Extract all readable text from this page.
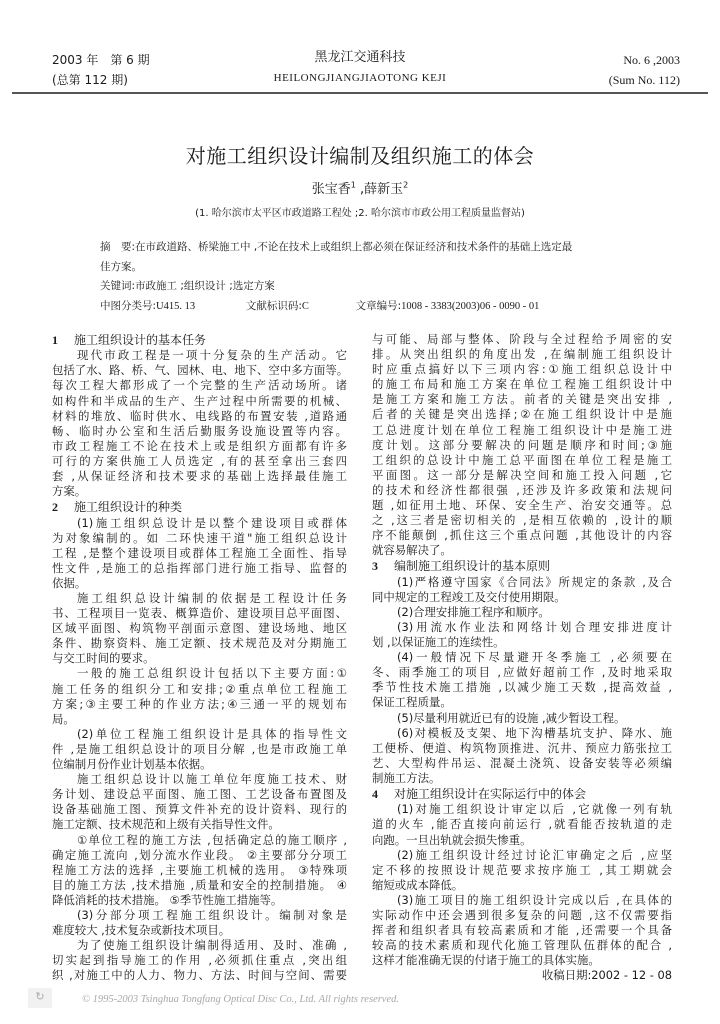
2003 年　第 6 期
(总第 112 期)
黑龙江交通科技
HEILONGJIANGJIAOTONG KEJI
No. 6 ,2003
(Sum No. 112)
对施工组织设计编制及组织施工的体会
张宝香$^1$ ,薛新玉$^2$
(1. 哈尔滨市太平区市政道路工程处 ;2. 哈尔滨市市政公用工程质量监督站)
摘　要:在市政道路、桥梁施工中 ,不论在技术上或组织上都必须在保证经济和技术条件的基础上选定最
佳方案。
关键词:市政施工 ;组织设计 ;选定方案
中图分类号:U415. 13	文献标识码:C	文章编号:1008 - 3383(2003)06 - 0090 - 01
1 施工组织设计的基本任务
现代市政工程是一项十分复杂的生产活动。它
包括了水、路、桥、气、园林、电、地下、空中多方面等。
每次工程大都形成了一个完整的生产活动场所。诸
如构件和半成品的生产、生产过程中所需要的机械、
材料的堆放、临时供水、电线路的布置安装 ,道路通
畅、临时办公室和生活后勤服务设施设置等内容。
市政工程施工不论在技术上或是组织方面都有许多
可行的方案供施工人员选定 ,有的甚至拿出三套四
套 ,从保证经济和技术要求的基础上选择最佳施工
方案。
2 施工组织设计的种类
(1)施工组织总设计是以整个建设项目或群体
为对象编制的。如 二环快速干道"施工组织总设计
工程 ,是整个建设项目或群体工程施工全面性、指导
性文件 ,是施工的总指挥部门进行施工指导、监督的
依据。
施工组织总设计编制的依据是工程设计任务
书、工程项目一览表、概算造价、建设项目总平面图、
区域平面图、构筑物平剖面示意图、建设场地、地区
条件、勘察资料、施工定额、技术规范及对分期施工
与交工时间的要求。
一般的施工总组织设计包括以下主要方面:①
施工任务的组织分工和安排;②重点单位工程施工
方案;③主要工种的作业方法;④三通一平的规划布
局。
(2)单位工程施工组织设计是具体的指导性文
件 ,是施工组织总设计的项目分解 ,也是市政施工单
位编制月份作业计划基本依据。
施工组织总设计以施工单位年度施工技术、财
务计划、建设总平面图、施工图、工艺设备布置图及
设备基础施工图、预算文件补充的设计资料、现行的
施工定额、技术规范和上级有关指导性文件。
①单位工程的施工方法 ,包括确定总的施工顺序 ,
确定施工流向 ,划分流水作业段。 ②主要部分分项工
程施工方法的选择 ,主要施工机械的选用。 ③特殊项
目的施工方法 ,技术措施 ,质量和安全的控制措施。 ④
降低消耗的技术措施。 ⑤季节性施工措施等。
(3)分部分项工程施工组织设计。编制对象是
难度较大 ,技术复杂或新技术项目。
为了使施工组织设计编制得适用、及时、准确 ,
切实起到指导施工的作用 ,必须抓住重点 ,突出组
织 ,对施工中的人力、物力、方法、时间与空间、需要
与可能、局部与整体、阶段与全过程给予周密的安
排。从突出组织的角度出发 ,在编制施工组织设计
时应重点搞好以下三项内容:①施工组织总设计中
的施工布局和施工方案在单位工程施工组织设计中
是施工方案和施工方法。前者的关键是突出安排 ,
后者的关键是突出选择;②在施工组织设计中是施
工总进度计划在单位工程施工组织设计中是施工进
度计划。这部分要解决的问题是顺序和时间;③施
工组织的总设计中施工总平面图在单位工程是施工
平面图。这一部分是解决空间和施工投入问题 ,它
的技术和经济性都很强 ,还涉及许多政策和法规问
题 ,如征用土地、环保、安全生产、治安交通等。总
之 ,这三者是密切相关的 ,是相互依赖的 ,设计的顺
序不能颠倒 ,抓住这三个重点问题 ,其他设计的内容
就容易解决了。
3 编制施工组织设计的基本原则
(1)严格遵守国家《合同法》所规定的条款 ,及合
同中规定的工程竣工及交付使用期限。
(2)合理安排施工程序和顺序。
(3)用流水作业法和网络计划合理安排进度计
划 ,以保证施工的连续性。
(4)一般情况下尽量避开冬季施工 ,必须要在
冬、雨季施工的项目 ,应做好超前工作 ,及时地采取
季节性技术施工措施 ,以减少施工天数 ,提高效益 ,
保证工程质量。
(5)尽量利用就近已有的设施 ,减少暂设工程。
(6)对模板及支架、地下沟槽基坑支护、降水、施
工便桥、便道、构筑物顶推进、沉井、预应力筋张拉工
艺、大型构件吊运、混凝土浇筑、设备安装等必须编
制施工方法。
4 对施工组织设计在实际运行中的体会
(1)对施工组织设计审定以后 ,它就像一列有轨
道的火车 ,能否直接向前运行 ,就看能否按轨道的走
向跑。一旦出轨就会损失惨重。
(2)施工组织设计经过讨论汇审确定之后 ,应坚
定不移的按照设计规范要求按序施工 ,其工期就会
缩短或成本降低。
(3)施工项目的施工组织设计完成以后 ,在具体的
实际动作中还会遇到很多复杂的问题 ,这不仅需要指
挥者和组织者具有较高素质和才能 ,还需要一个具备
较高的技术素质和现代化施工管理队伍群体的配合 ,
这样才能准确无误的付诸于施工的具体实施。
收稿日期:2002 - 12 - 08
↻	© 1995-2003 Tsinghua Tongfang Optical Disc Co., Ltd. All rights reserved.
